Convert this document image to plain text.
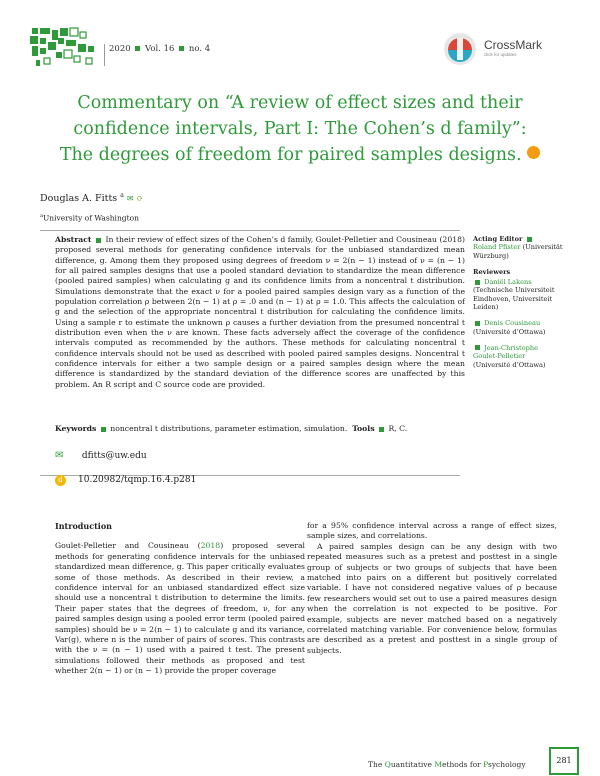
2020 Vol. 16 no. 4	CrossMark
click for updates
Commentary on “A review of effect sizes and their
confidence intervals, Part I: The Cohen’s d family”:
The degrees of freedom for paired samples designs.
Douglas A. Fitts $^a$ ✉ ⟳
$^a$University of Washington
Abstract In their review of effect sizes of the Cohen’s d family, Goulet-Pelletier and Cousineau (2018) proposed several methods for generating confidence intervals for the unbiased standardized mean difference, g. Among them they proposed using degrees of freedom ν = 2(n − 1) instead of ν = (n − 1) for all paired samples designs that use a pooled standard deviation to standardize the mean difference (pooled paired samples) when calculating g and its confidence limits from a noncentral t distribution. Simulations demonstrate that the exact ν for a pooled paired samples design vary as a function of the population correlation ρ between 2(n − 1) at ρ = .0 and (n − 1) at ρ = 1.0. This affects the calculation of g and the selection of the appropriate noncentral t distribution for calculating the confidence limits. Using a sample r to estimate the unknown ρ causes a further deviation from the presumed noncentral t distribution even when the ν are known. These facts adversely affect the coverage of the confidence intervals computed as recommended by the authors. These methods for calculating noncentral t confidence intervals should not be used as described with pooled paired samples designs. Noncentral t confidence intervals for either a two sample design or a paired samples design where the mean difference is standardized by the standard deviation of the difference scores are unaffected by this problem. An R script and C source code are provided.
Keywords noncentral t distributions, parameter estimation, simulation. Tools R, C.
✉ dfitts@uw.edu
d 10.20982/tqmp.16.4.p281
Acting Editor
Roland Pfister (Universität Würzburg)
Reviewers
Daniël Lakens (Technische Universiteit Eindhoven, Universiteit Leiden)
Denis Cousineau (Université d’Ottawa)
Jean-Christophe Goulet-Pelletier (Université d’Ottawa)
Introduction

Goulet-Pelletier and Cousineau (2018) proposed several methods for generating confidence intervals for the unbiased standardized mean difference, g. This paper critically evaluates some of those methods. As described in their review, a confidence interval for an unbiased standardized effect size should use a noncentral t distribution to determine the limits. Their paper states that the degrees of freedom, ν, for any paired samples design using a pooled error term (pooled paired samples) should be ν = 2(n − 1) to calculate g and its variance, Var(g), where n is the number of pairs of scores. This contrasts with the ν = (n − 1) used with a paired t test. The present simulations followed their methods as proposed and test whether 2(n − 1) or (n − 1) provide the proper coverage

for a 95% confidence interval across a range of effect sizes, sample sizes, and correlations.

A paired samples design can be any design with two repeated measures such as a pretest and posttest in a single group of subjects or two groups of subjects that have been matched into pairs on a different but positively correlated variable. I have not considered negative values of ρ because few researchers would set out to use a paired measures design when the correlation is not expected to be positive. For example, subjects are never matched based on a negatively correlated matching variable. For convenience below, formulas are described as a pretest and posttest in a single group of subjects.

The Quantitative Methods for Psychology	281
